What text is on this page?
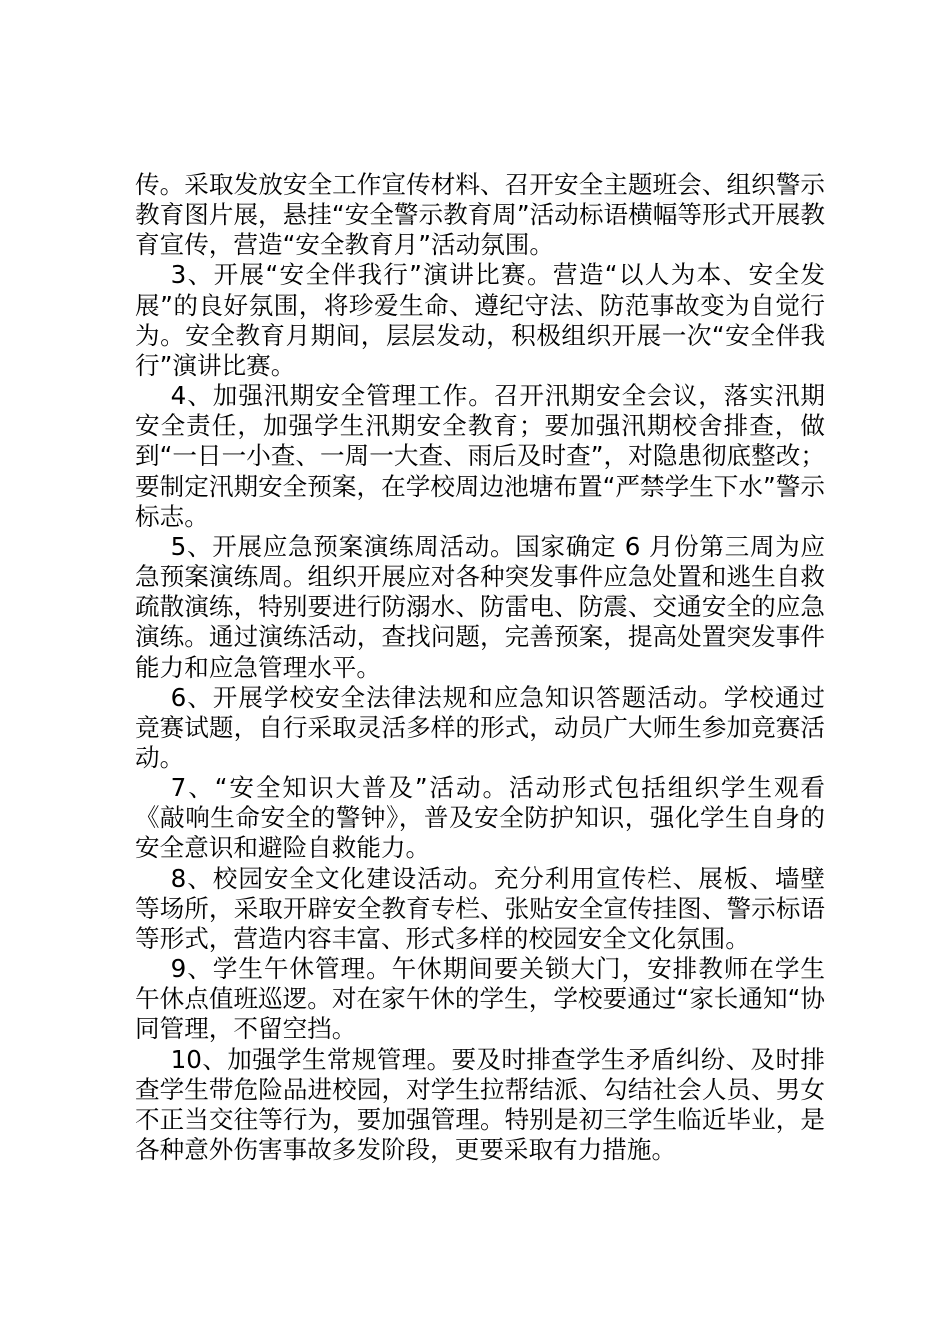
传。采取发放安全工作宣传材料、召开安全主题班会、组织警示教育图片展，悬挂“安全警示教育周”活动标语横幅等形式开展教育宣传，营造“安全教育月”活动氛围。

3、开展“安全伴我行”演讲比赛。营造“以人为本、安全发展”的良好氛围，将珍爱生命、遵纪守法、防范事故变为自觉行为。安全教育月期间，层层发动，积极组织开展一次“安全伴我行”演讲比赛。

4、加强汛期安全管理工作。召开汛期安全会议，落实汛期安全责任，加强学生汛期安全教育；要加强汛期校舍排查，做到“一日一小查、一周一大查、雨后及时查”，对隐患彻底整改；要制定汛期安全预案，在学校周边池塘布置“严禁学生下水”警示标志。

5、开展应急预案演练周活动。国家确定 6 月份第三周为应急预案演练周。组织开展应对各种突发事件应急处置和逃生自救疏散演练，特别要进行防溺水、防雷电、防震、交通安全的应急演练。通过演练活动，查找问题，完善预案，提高处置突发事件能力和应急管理水平。

6、开展学校安全法律法规和应急知识答题活动。学校通过竞赛试题，自行采取灵活多样的形式，动员广大师生参加竞赛活动。

7、“安全知识大普及”活动。活动形式包括组织学生观看《敲响生命安全的警钟》，普及安全防护知识，强化学生自身的安全意识和避险自救能力。

8、校园安全文化建设活动。充分利用宣传栏、展板、墙壁等场所，采取开辟安全教育专栏、张贴安全宣传挂图、警示标语等形式，营造内容丰富、形式多样的校园安全文化氛围。

9、学生午休管理。午休期间要关锁大门，安排教师在学生午休点值班巡逻。对在家午休的学生，学校要通过“家长通知“协同管理，不留空挡。

10、加强学生常规管理。要及时排查学生矛盾纠纷、及时排查学生带危险品进校园，对学生拉帮结派、勾结社会人员、男女不正当交往等行为，要加强管理。特别是初三学生临近毕业，是各种意外伤害事故多发阶段，更要采取有力措施。
